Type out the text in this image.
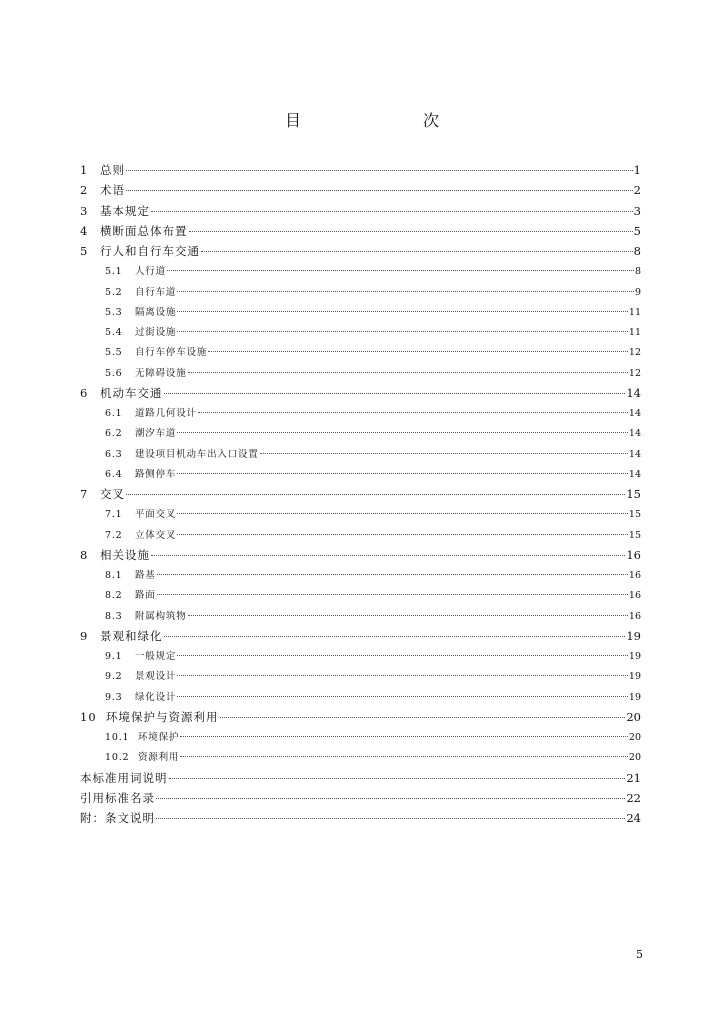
目　　次
1	总则	1
2	术语	2
3	基本规定	3
4	横断面总体布置	5
5	行人和自行车交通	8
5.1	人行道	8
5.2	自行车道	9
5.3	隔离设施	11
5.4	过街设施	11
5.5	自行车停车设施	12
5.6	无障碍设施	12
6	机动车交通	14
6.1	道路几何设计	14
6.2	潮汐车道	14
6.3	建设项目机动车出入口设置	14
6.4	路侧停车	14
7	交叉	15
7.1	平面交叉	15
7.2	立体交叉	15
8	相关设施	16
8.1	路基	16
8.2	路面	16
8.3	附属构筑物	16
9	景观和绿化	19
9.1	一般规定	19
9.2	景观设计	19
9.3	绿化设计	19
10 环境保护与资源利用	20
10.1 环境保护	20
10.2 资源利用	20
本标准用词说明	21
引用标准名录	22
附：条文说明	24
5
